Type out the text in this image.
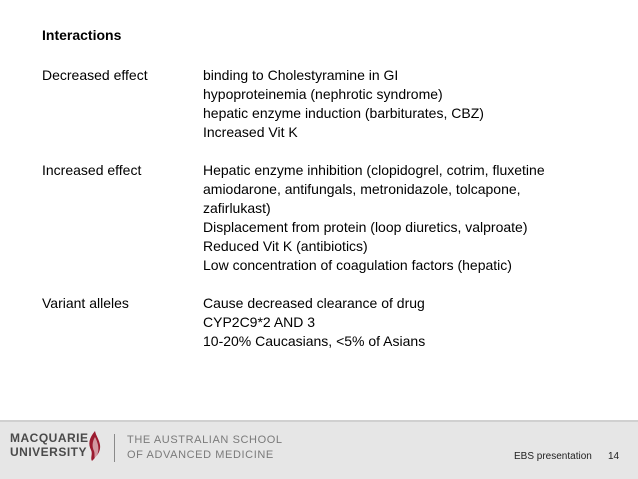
Interactions
Decreased effect	binding to Cholestyramine in GI
hypoproteinemia (nephrotic syndrome)
hepatic enzyme induction (barbiturates, CBZ)
Increased Vit K
Increased effect	Hepatic enzyme inhibition (clopidogrel, cotrim, fluxetine
amiodarone, antifungals, metronidazole, tolcapone,
zafirlukast)
Displacement from protein (loop diuretics, valproate)
Reduced Vit K (antibiotics)
Low concentration of coagulation factors (hepatic)
Variant alleles	Cause decreased clearance of drug
CYP2C9*2 AND 3
10-20% Caucasians, <5% of Asians
MACQUARIE
UNIVERSITY
THE AUSTRALIAN SCHOOL
OF ADVANCED MEDICINE	EBS presentation 14
